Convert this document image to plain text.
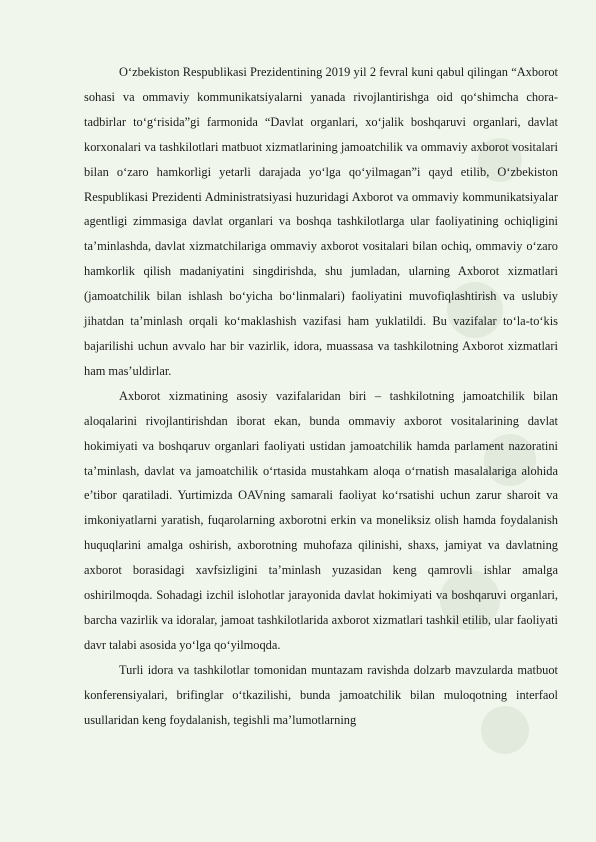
O‘zbekiston Respublikasi Prezidentining 2019 yil 2 fevral kuni qabul qilingan “Axborot sohasi va ommaviy kommunikatsiyalarni yanada rivojlantirishga oid qo‘shimcha chora-tadbirlar to‘g‘risida”gi farmonida “Davlat organlari, xo‘jalik boshqaruvi organlari, davlat korxonalari va tashkilotlari matbuot xizmatlarining jamoatchilik va ommaviy axborot vositalari bilan o‘zaro hamkorligi yetarli darajada yo‘lga qo‘yilmagan”i qayd etilib, O‘zbekiston Respublikasi Prezidenti Administratsiyasi huzuridagi Axborot va ommaviy kommunikatsiyalar agentligi zimmasiga davlat organlari va boshqa tashkilotlarga ular faoliyatining ochiqligini ta’minlashda, davlat xizmatchilariga ommaviy axborot vositalari bilan ochiq, ommaviy o‘zaro hamkorlik qilish madaniyatini singdirishda, shu jumladan, ularning Axborot xizmatlari (jamoatchilik bilan ishlash bo‘yicha bo‘linmalari) faoliyatini muvofiqlashtirish va uslubiy jihatdan ta’minlash orqali ko‘maklashish vazifasi ham yuklatildi. Bu vazifalar to‘la-to‘kis bajarilishi uchun avvalo har bir vazirlik, idora, muassasa va tashkilotning Axborot xizmatlari ham mas’uldirlar.

Axborot xizmatining asosiy vazifalaridan biri – tashkilotning jamoatchilik bilan aloqalarini rivojlantirishdan iborat ekan, bunda ommaviy axborot vositalarining davlat hokimiyati va boshqaruv organlari faoliyati ustidan jamoatchilik hamda parlament nazoratini ta’minlash, davlat va jamoatchilik o‘rtasida mustahkam aloqa o‘rnatish masalalariga alohida e’tibor qaratiladi. Yurtimizda OAVning samarali faoliyat ko‘rsatishi uchun zarur sharoit va imkoniyatlarni yaratish, fuqarolarning axborotni erkin va moneliksiz olish hamda foydalanish huquqlarini amalga oshirish, axborotning muhofaza qilinishi, shaxs, jamiyat va davlatning axborot borasidagi xavfsizligini ta’minlash yuzasidan keng qamrovli ishlar amalga oshirilmoqda. Sohadagi izchil islohotlar jarayonida davlat hokimiyati va boshqaruvi organlari, barcha vazirlik va idoralar, jamoat tashkilotlarida axborot xizmatlari tashkil etilib, ular faoliyati davr talabi asosida yo‘lga qo‘yilmoqda.

Turli idora va tashkilotlar tomonidan muntazam ravishda dolzarb mavzularda matbuot konferensiyalari, brifinglar o‘tkazilishi, bunda jamoatchilik bilan muloqotning interfaol usullaridan keng foydalanish, tegishli ma’lumotlarning
